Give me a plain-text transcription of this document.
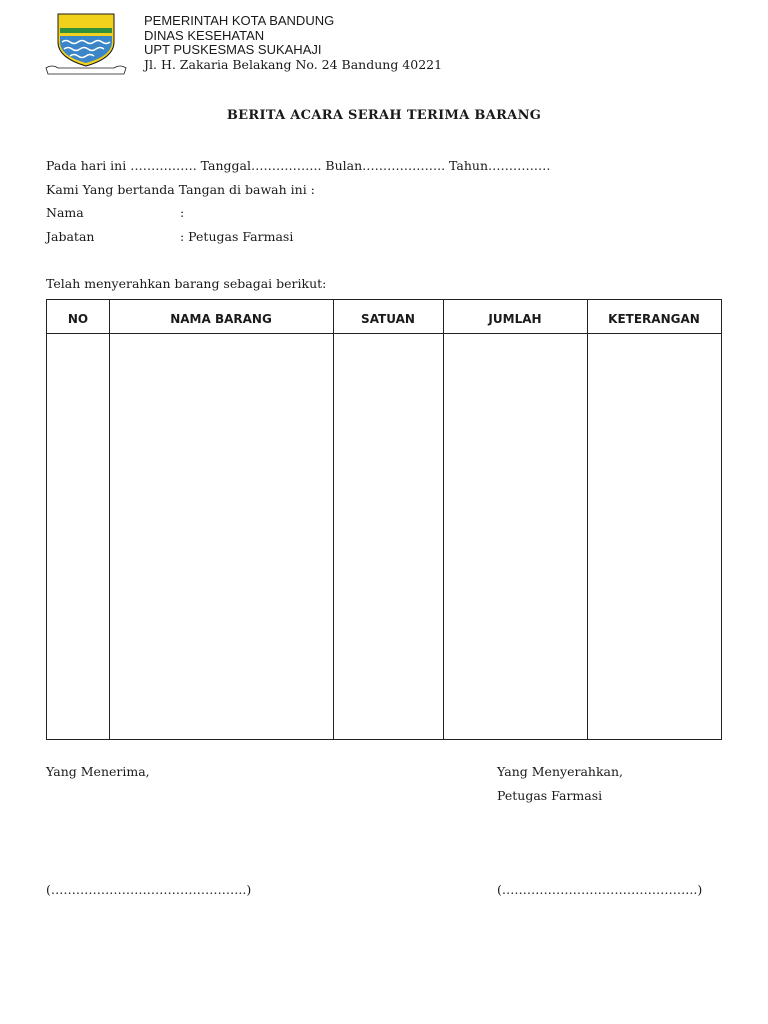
PEMERINTAH KOTA BANDUNG
DINAS KESEHATAN
UPT PUSKESMAS SUKAHAJI
Jl. H. Zakaria Belakang No. 24 Bandung 40221
BERITA ACARA SERAH TERIMA BARANG
Pada hari ini ……………. Tanggal…………….. Bulan……………….. Tahun……………
Kami Yang bertanda Tangan di bawah ini :
Nama	:
Jabatan	: Petugas Farmasi
Telah menyerahkan barang sebagai berikut:
NO	NAMA BARANG	SATUAN	JUMLAH	KETERANGAN
Yang Menerima,	Yang Menyerahkan,
Petugas Farmasi
(………………………………………..)	(………………………………………..)
